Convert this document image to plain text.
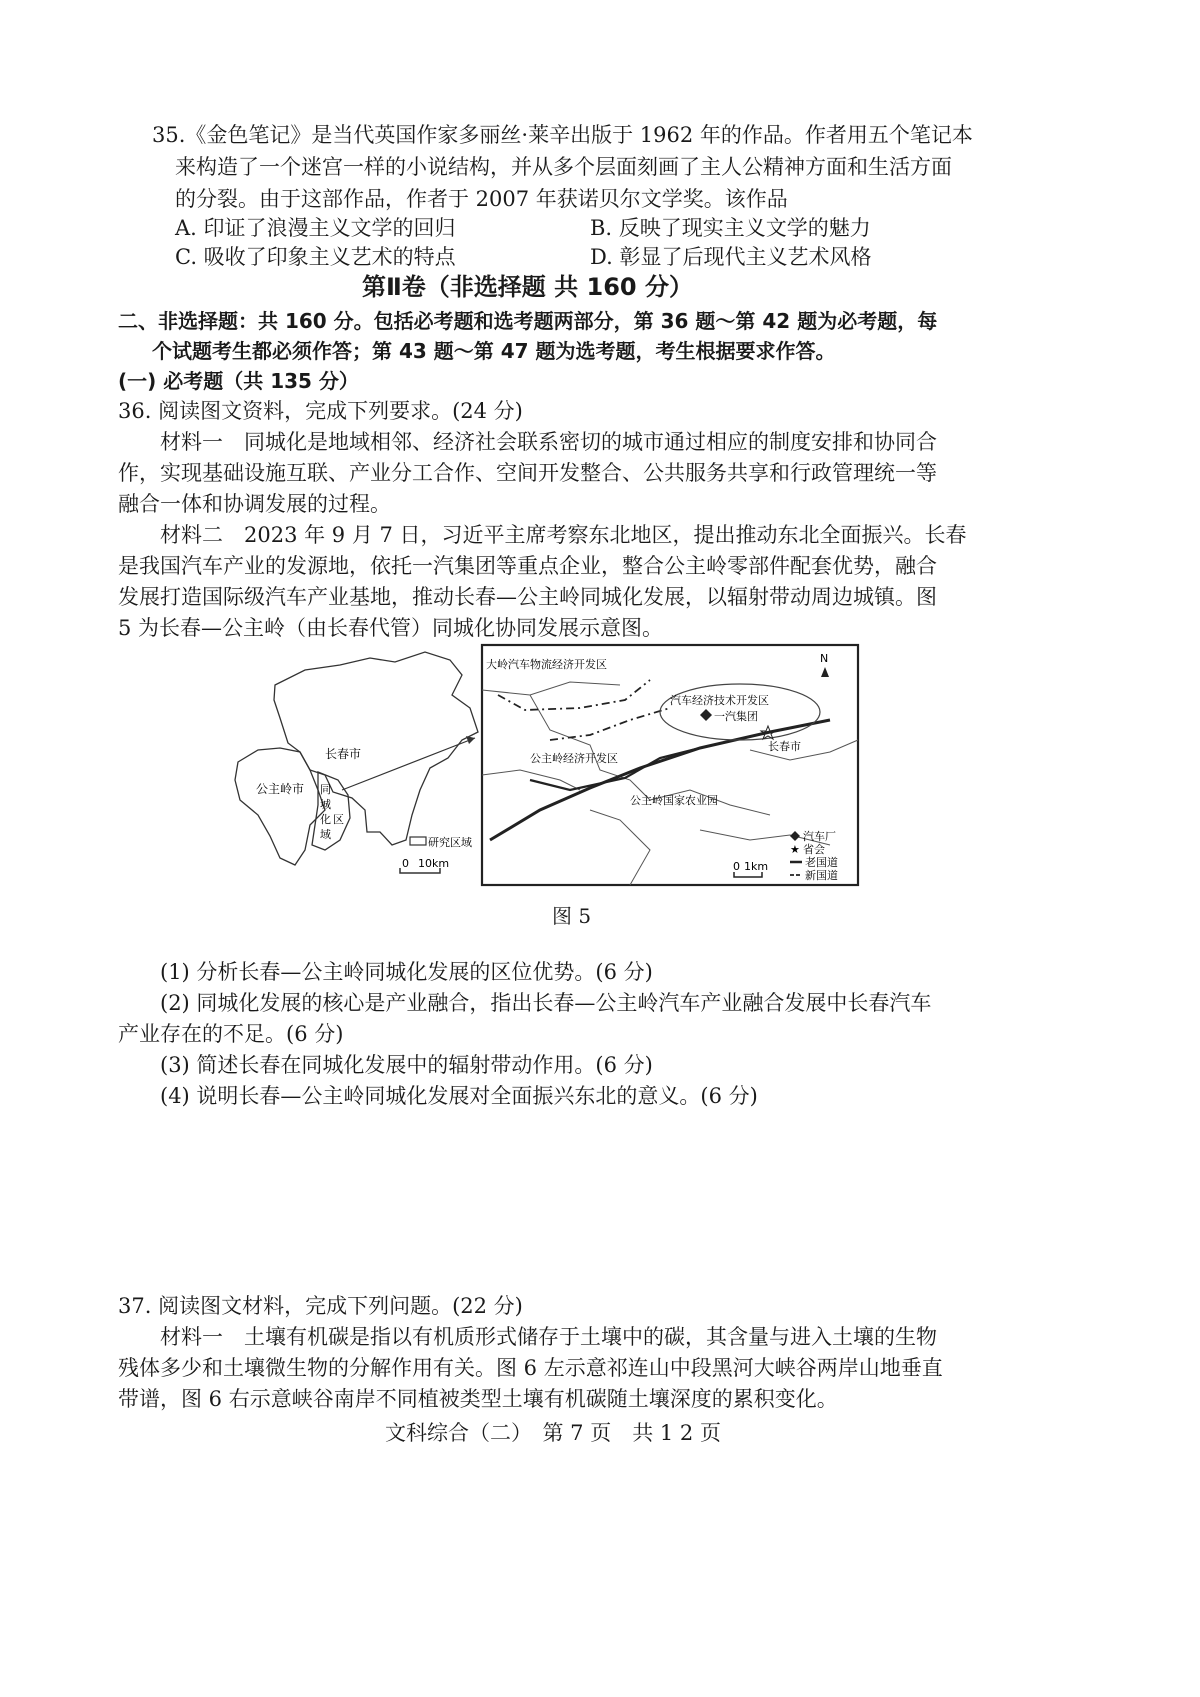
35.《金色笔记》是当代英国作家多丽丝·莱辛出版于 1962 年的作品。作者用五个笔记本
来构造了一个迷宫一样的小说结构，并从多个层面刻画了主人公精神方面和生活方面
的分裂。由于这部作品，作者于 2007 年获诺贝尔文学奖。该作品
A. 印证了浪漫主义文学的回归	B. 反映了现实主义文学的魅力
C. 吸收了印象主义艺术的特点	D. 彰显了后现代主义艺术风格
第Ⅱ卷（非选择题 共 160 分）
二、非选择题：共 160 分。包括必考题和选考题两部分，第 36 题～第 42 题为必考题，每
个试题考生都必须作答；第 43 题～第 47 题为选考题，考生根据要求作答。
(一) 必考题（共 135 分）
36. 阅读图文资料，完成下列要求。(24 分)
材料一　同城化是地域相邻、经济社会联系密切的城市通过相应的制度安排和协同合
作，实现基础设施互联、产业分工合作、空间开发整合、公共服务共享和行政管理统一等
融合一体和协调发展的过程。
材料二　2023 年 9 月 7 日，习近平主席考察东北地区，提出推动东北全面振兴。长春
是我国汽车产业的发源地，依托一汽集团等重点企业，整合公主岭零部件配套优势，融合
发展打造国际级汽车产业基地，推动长春—公主岭同城化发展，以辐射带动周边城镇。图
5 为长春—公主岭（由长春代管）同城化协同发展示意图。
长春市
公主岭市 同
城
化 区
域
研究区域
0 10km
N
大岭汽车物流经济开发区
汽车经济技术开发区
一汽集团
长春市
公主岭经济开发区
公主岭国家农业园
汽车厂
★ 省会
老国道
新国道
0 1km
图 5
(1) 分析长春—公主岭同城化发展的区位优势。(6 分)
(2) 同城化发展的核心是产业融合，指出长春—公主岭汽车产业融合发展中长春汽车
产业存在的不足。(6 分)
(3) 简述长春在同城化发展中的辐射带动作用。(6 分)
(4) 说明长春—公主岭同城化发展对全面振兴东北的意义。(6 分)
37. 阅读图文材料，完成下列问题。(22 分)
材料一　土壤有机碳是指以有机质形式储存于土壤中的碳，其含量与进入土壤的生物
残体多少和土壤微生物的分解作用有关。图 6 左示意祁连山中段黑河大峡谷两岸山地垂直
带谱，图 6 右示意峡谷南岸不同植被类型土壤有机碳随土壤深度的累积变化。
文科综合（二）　第 7 页　共 1 2 页
